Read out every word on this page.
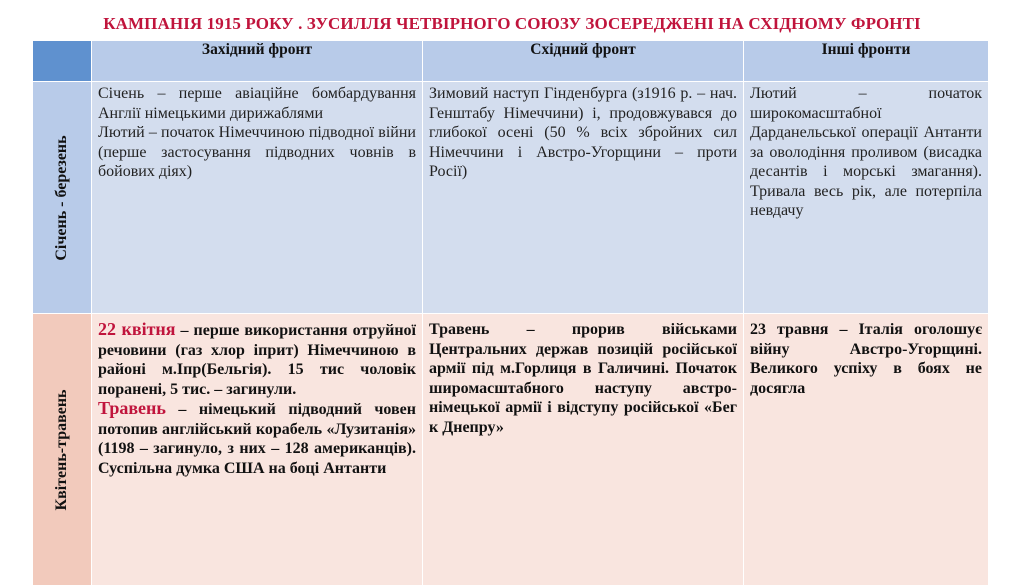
КАМПАНІЯ 1915 РОКУ . ЗУСИЛЛЯ ЧЕТВІРНОГО СОЮЗУ ЗОСЕРЕДЖЕНІ НА СХІДНОМУ ФРОНТІ
	Західний фронт	Східний фронт	Інші фронти

Січень - березень	Січень – перше авіаційне бомбардування Англії німецькими дирижаблями

Лютий – початок Німеччиною підводної війни (перше застосування підводних човнів в бойових діях)	Зимовий наступ Гінденбурга (з1916 р. – нач. Генштабу Німеччини) і, продовжувався до глибокої осені (50 % всіх збройних сил Німеччини і Австро-Угорщини – проти Росії)	Лютий – початок широкомасштабної Дарданельської операції Антанти за оволодіння проливом (висадка десантів і морські змагання). Тривала весь рік, але потерпіла невдачу

Квітень-травень	22 квітня – перше використання отруйної речовини (газ хлор іприт) Німеччиною в районі м.Іпр(Бельгія). 15 тис чоловік поранені, 5 тис. – загинули.

Травень – німецький підводний човен потопив англійський корабель «Лузитанія» (1198 – загинуло, з них – 128 американців). Суспільна думка США на боці Антанти	Травень – прорив військами Центральних держав позицій російської армії під м.Горлиця в Галичині. Початок широмасштабного наступу австро-німецької армії і відступу російської «Бег к Днепру»	23 травня – Італія оголошує війну Австро-Угорщині. Великого успіху в боях не досягла
